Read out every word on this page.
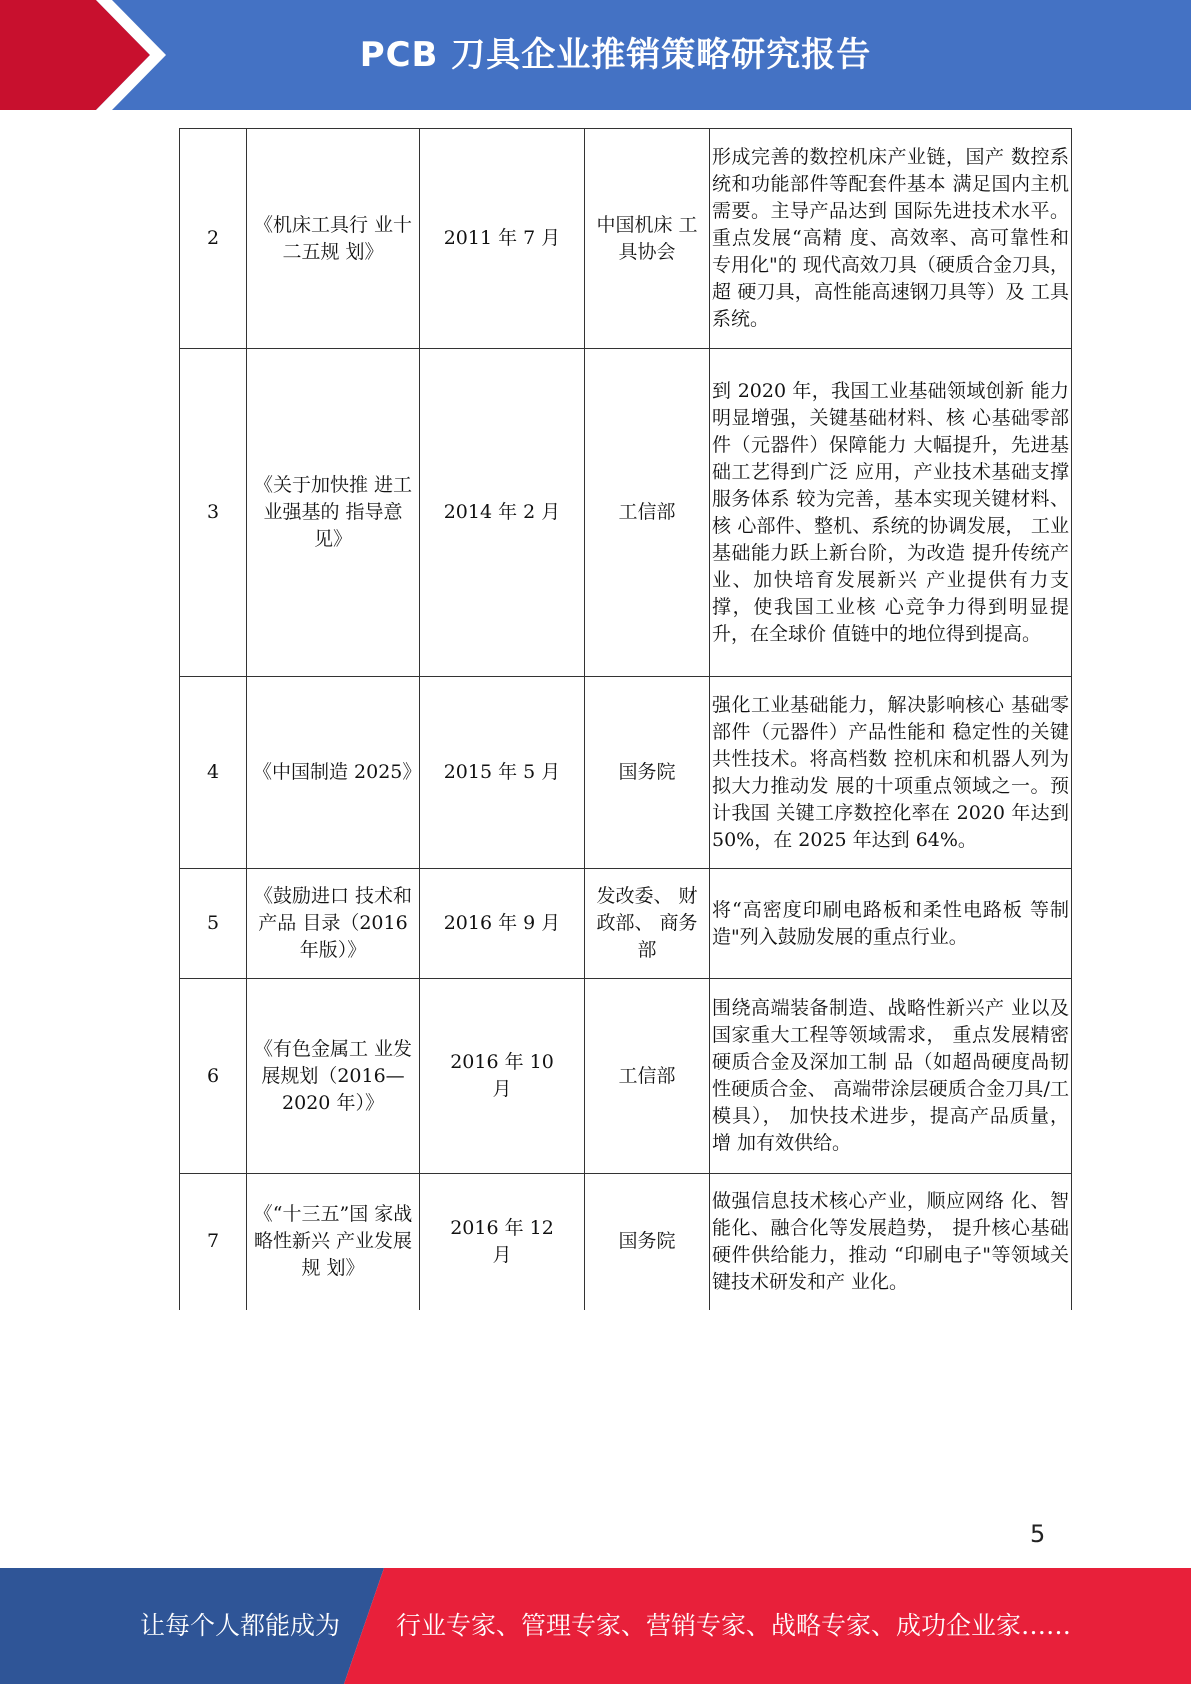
PCB 刀具企业推销策略研究报告
2	《机床工具行 业十二五规 划》	2011 年 7 月	中国机床 工具协会	形成完善的数控机床产业链，国产 数控系统和功能部件等配套件基本 满足国内主机需要。主导产品达到 国际先进技术水平。重点发展“高精 度、高效率、高可靠性和专用化"的 现代高效刀具（硬质合金刀具，超 硬刀具，高性能高速钢刀具等）及 工具系统。
3	《关于加快推 进工业强基的 指导意见》	2014 年 2 月	工信部	到 2020 年，我国工业基础领域创新 能力明显增强，关键基础材料、核 心基础零部件（元器件）保障能力 大幅提升，先进基础工艺得到广泛 应用，产业技术基础支撑服务体系 较为完善，基本实现关键材料、核 心部件、整机、系统的协调发展， 工业基础能力跃上新台阶，为改造 提升传统产业、加快培育发展新兴 产业提供有力支撑，使我国工业核 心竞争力得到明显提升，在全球价 值链中的地位得到提高。
4	《中国制造 2025》	2015 年 5 月	国务院	强化工业基础能力，解决影响核心 基础零部件（元器件）产品性能和 稳定性的关键共性技术。将高档数 控机床和机器人列为拟大力推动发 展的十项重点领域之一。预计我国 关键工序数控化率在 2020 年达到 50%，在 2025 年达到 64%。
5	《鼓励进口 技术和产品 目录（2016 年版）》	2016 年 9 月	发改委、 财政部、 商务部	将“高密度印刷电路板和柔性电路板 等制造"列入鼓励发展的重点行业。
6	《有色金属工 业发展规划（2016—2020 年）》	2016 年 10 月	工信部	围绕高端装备制造、战略性新兴产 业以及国家重大工程等领域需求， 重点发展精密硬质合金及深加工制 品（如超咼硬度咼韧性硬质合金、 高端带涂层硬质合金刀具/工模具）， 加快技术进步，提高产品质量，增 加有效供给。
7	《“十三五”国 家战略性新兴 产业发展规 划》	2016 年 12 月	国务院	做强信息技术核心产业，顺应网络 化、智能化、融合化等发展趋势， 提升核心基础硬件供给能力，推动 “印刷电子"等领域关键技术研发和产 业化。
5
让每个人都能成为 行业专家、管理专家、营销专家、战略专家、成功企业家……
